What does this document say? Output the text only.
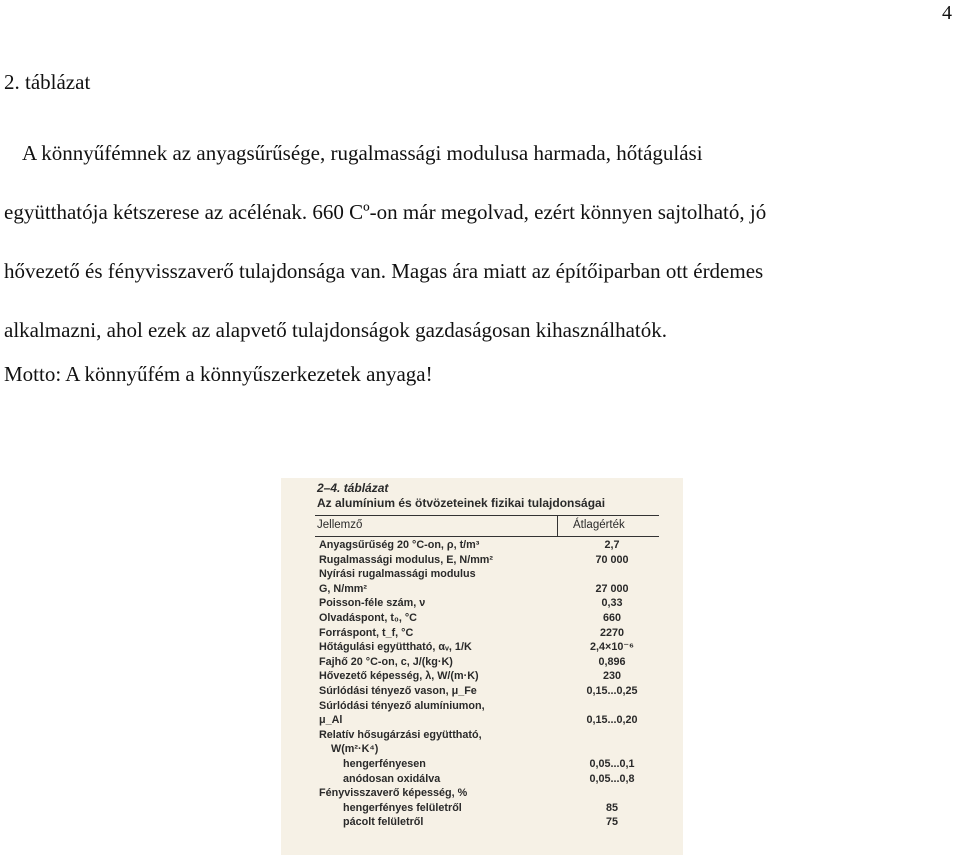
4
2. táblázat
A könnyűfémnek az anyagsűrűsége, rugalmassági modulusa harmada, hőtágulási
együtthatója kétszerese az acélénak. 660 Cº-on már megolvad, ezért könnyen sajtolható, jó
hővezető és fényvisszaverő tulajdonsága van. Magas ára miatt az építőiparban ott érdemes
alkalmazni, ahol ezek az alapvető tulajdonságok gazdaságosan kihasználhatók.
Motto: A könnyűfém a könnyűszerkezetek anyaga!
2–4. táblázat
Az alumínium és ötvözeteinek fizikai tulajdonságai
Jellemző	Átlagérték
Anyagsűrűség 20 °C-on, ρ, t/m³	2,7
Rugalmassági modulus, E, N/mm²	70 000
Nyírási rugalmassági modulus
G, N/mm²	27 000
Poisson-féle szám, ν	0,33
Olvadáspont, t₀, °C	660
Forráspont, t_f, °C	2270
Hőtágulási együttható, αᵥ, 1/K	2,4×10⁻⁶
Fajhő 20 °C-on, c, J/(kg·K)	0,896
Hővezető képesség, λ, W/(m·K)	230
Súrlódási tényező vason, μ_Fe	0,15...0,25
Súrlódási tényező alumíniumon,
μ_Al	0,15...0,20
Relatív hősugárzási együttható,
W(m²·K⁴)
hengerfényesen	0,05...0,1
anódosan oxidálva	0,05...0,8
Fényvisszaverő képesség, %
hengerfényes felületről	85
pácolt felületről	75
